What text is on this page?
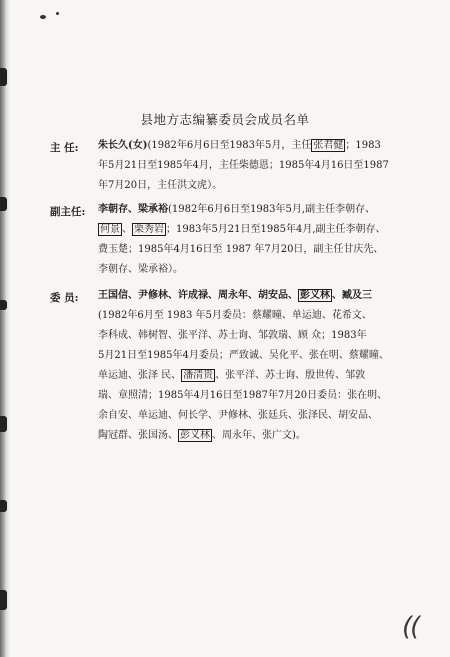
县地方志编纂委员会成员名单
主 任: 朱长久(女)(1982年6月6日至1983年5月，主任 张君健 ；1983
年5月21日至1985年4月，主任柴德恩；1985年4月16日至1987
年7月20日，主任洪文虎）。
副主任: 李朝存、梁承裕(1982年6月6日至1983年5月,副主任李朝存、
何景 、 栗秀岩 ；1983年5月21日至1985年4月,副主任李朝存、
费玉楚；1985年4月16日至 1987 年7月20日，副主任甘庆先、
李朝存、梁承裕）。
委 员: 王国信、尹修林、许成禄、周永年、胡安品、 彭义林 、臧及三
(1982年6月至 1983 年5月委员：蔡耀曈、单运迪、花希文、
李科成、韩树智、张平洋、苏士询、邹敦瑞、顾 众；1983年
5月21日至1985年4月委员；严致诚、吴化平、张在明、蔡耀曈、
单运迪、张泽 民、 潘清贵 、张平洋、苏士询、殷世传、邹敦
瑞、章照清；1985年4月16日至1987年7月20日委员：张在明、
余自安、单运迪、何长学、尹修林、张廷兵、张泽民、胡安品、
陶冠群、张国汤、 彭义林 、周永年、张广文)。
((
